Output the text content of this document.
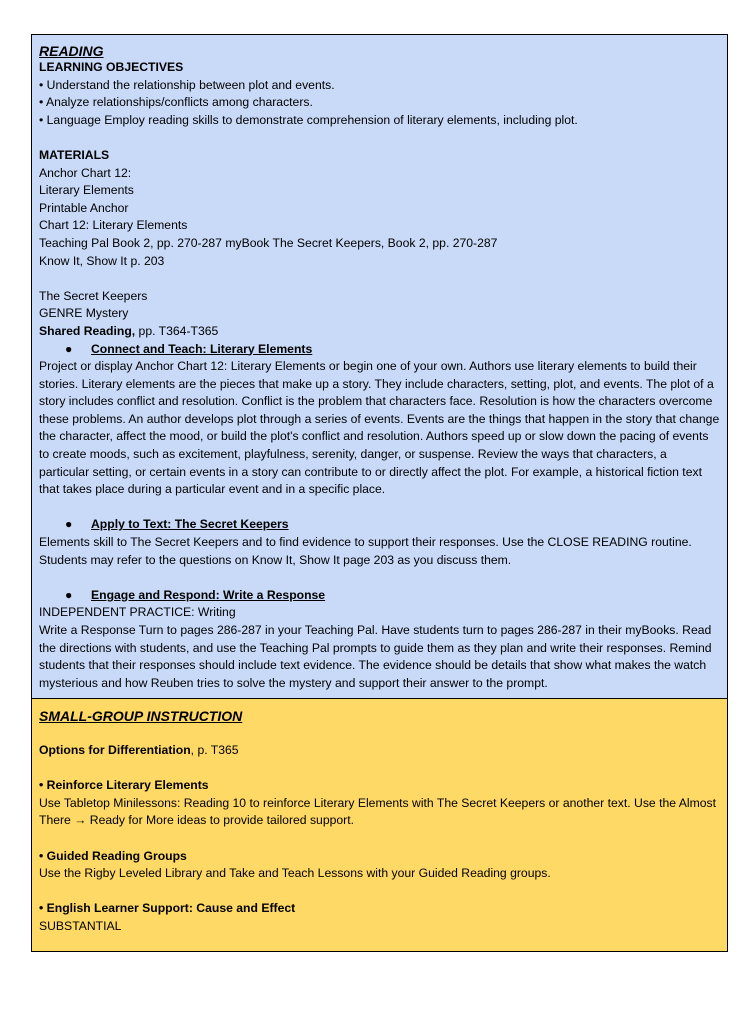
READING

LEARNING OBJECTIVES

• Understand the relationship between plot and events.

• Analyze relationships/conflicts among characters.

• Language Employ reading skills to demonstrate comprehension of literary elements, including plot.

MATERIALS

Anchor Chart 12:

Literary Elements

Printable Anchor

Chart 12: Literary Elements

Teaching Pal Book 2, pp. 270-287 myBook The Secret Keepers, Book 2, pp. 270-287

Know It, Show It p. 203

The Secret Keepers

GENRE Mystery

Shared Reading, pp. T364-T365

●	Connect and Teach: Literary Elements

Project or display Anchor Chart 12: Literary Elements or begin one of your own. Authors use literary elements to build their stories. Literary elements are the pieces that make up a story. They include characters, setting, plot, and events. The plot of a story includes conflict and resolution. Conflict is the problem that characters face. Resolution is how the characters overcome these problems. An author develops plot through a series of events. Events are the things that happen in the story that change the character, affect the mood, or build the plot's conflict and resolution. Authors speed up or slow down the pacing of events to create moods, such as excitement, playfulness, serenity, danger, or suspense. Review the ways that characters, a particular setting, or certain events in a story can contribute to or directly affect the plot. For example, a historical fiction text that takes place during a particular event and in a specific place.

●	Apply to Text: The Secret Keepers

Elements skill to The Secret Keepers and to find evidence to support their responses. Use the CLOSE READING routine. Students may refer to the questions on Know It, Show It page 203 as you discuss them.

●	Engage and Respond: Write a Response

INDEPENDENT PRACTICE: Writing

Write a Response Turn to pages 286-287 in your Teaching Pal. Have students turn to pages 286-287 in their myBooks. Read the directions with students, and use the Teaching Pal prompts to guide them as they plan and write their responses. Remind students that their responses should include text evidence. The evidence should be details that show what makes the watch mysterious and how Reuben tries to solve the mystery and support their answer to the prompt.

SMALL-GROUP INSTRUCTION

Options for Differentiation, p. T365

• Reinforce Literary Elements

Use Tabletop Minilessons: Reading 10 to reinforce Literary Elements with The Secret Keepers or another text. Use the Almost There → Ready for More ideas to provide tailored support.

• Guided Reading Groups

Use the Rigby Leveled Library and Take and Teach Lessons with your Guided Reading groups.

• English Learner Support: Cause and Effect

SUBSTANTIAL
